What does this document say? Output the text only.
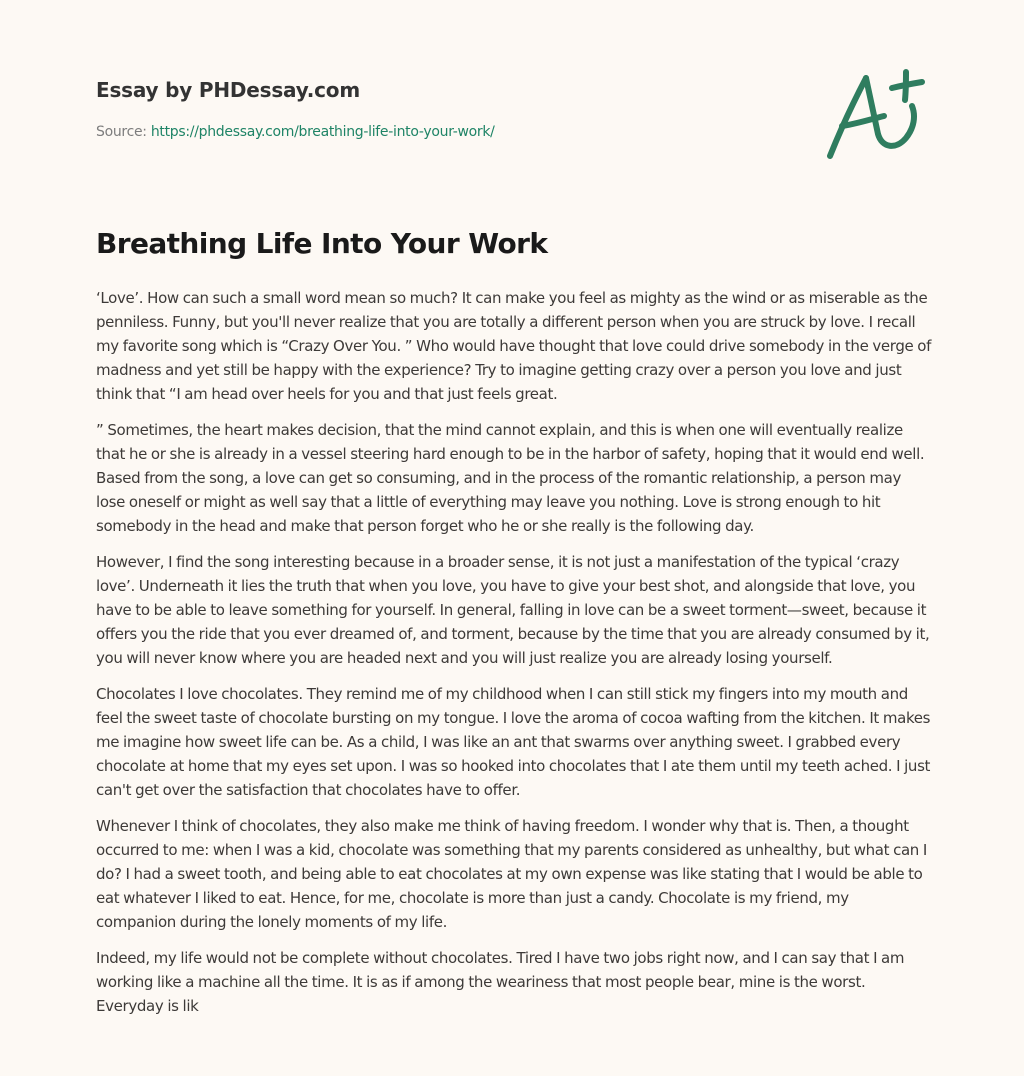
Essay by PHDessay.com
Source: https://phdessay.com/breathing-life-into-your-work/
Breathing Life Into Your Work

‘Love’. How can such a small word mean so much? It can make you feel as mighty as the wind or as miserable as the penniless. Funny, but you'll never realize that you are totally a different person when you are struck by love. I recall my favorite song which is “Crazy Over You. ” Who would have thought that love could drive somebody in the verge of madness and yet still be happy with the experience? Try to imagine getting crazy over a person you love and just think that “I am head over heels for you and that just feels great.

” Sometimes, the heart makes decision, that the mind cannot explain, and this is when one will eventually realize that he or she is already in a vessel steering hard enough to be in the harbor of safety, hoping that it would end well. Based from the song, a love can get so consuming, and in the process of the romantic relationship, a person may lose oneself or might as well say that a little of everything may leave you nothing. Love is strong enough to hit somebody in the head and make that person forget who he or she really is the following day.

However, I find the song interesting because in a broader sense, it is not just a manifestation of the typical ‘crazy love’. Underneath it lies the truth that when you love, you have to give your best shot, and alongside that love, you have to be able to leave something for yourself. In general, falling in love can be a sweet torment—sweet, because it offers you the ride that you ever dreamed of, and torment, because by the time that you are already consumed by it, you will never know where you are headed next and you will just realize you are already losing yourself.

Chocolates I love chocolates. They remind me of my childhood when I can still stick my fingers into my mouth and feel the sweet taste of chocolate bursting on my tongue. I love the aroma of cocoa wafting from the kitchen. It makes me imagine how sweet life can be. As a child, I was like an ant that swarms over anything sweet. I grabbed every chocolate at home that my eyes set upon. I was so hooked into chocolates that I ate them until my teeth ached. I just can't get over the satisfaction that chocolates have to offer.

Whenever I think of chocolates, they also make me think of having freedom. I wonder why that is. Then, a thought occurred to me: when I was a kid, chocolate was something that my parents considered as unhealthy, but what can I do? I had a sweet tooth, and being able to eat chocolates at my own expense was like stating that I would be able to eat whatever I liked to eat. Hence, for me, chocolate is more than just a candy. Chocolate is my friend, my companion during the lonely moments of my life.

Indeed, my life would not be complete without chocolates. Tired I have two jobs right now, and I can say that I am working like a machine all the time. It is as if among the weariness that most people bear, mine is the worst. Everyday is lik
